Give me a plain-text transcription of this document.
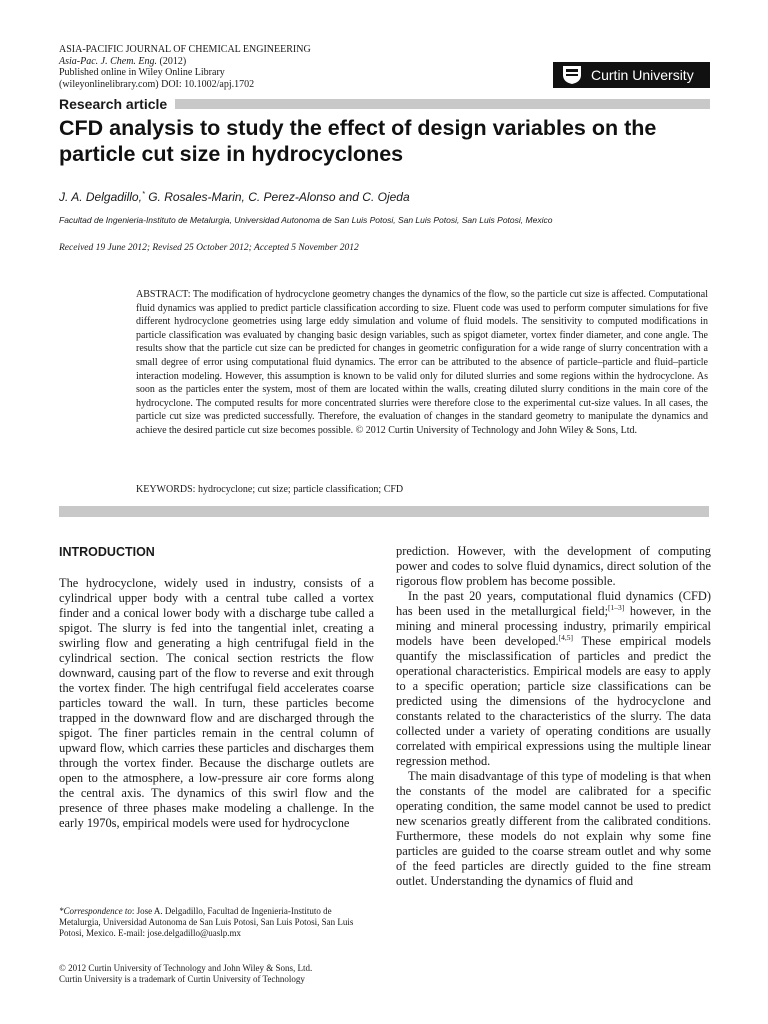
ASIA-PACIFIC JOURNAL OF CHEMICAL ENGINEERING
Asia-Pac. J. Chem. Eng. (2012)
Published online in Wiley Online Library
(wileyonlinelibrary.com) DOI: 10.1002/apj.1702
Curtin University
Research article
CFD analysis to study the effect of design variables on the particle cut size in hydrocyclones
J. A. Delgadillo,* G. Rosales-Marin, C. Perez-Alonso and C. Ojeda
Facultad de Ingenieria-Instituto de Metalurgia, Universidad Autonoma de San Luis Potosi, San Luis Potosi, San Luis Potosi, Mexico
Received 19 June 2012; Revised 25 October 2012; Accepted 5 November 2012

ABSTRACT: The modification of hydrocyclone geometry changes the dynamics of the flow, so the particle cut size is affected. Computational fluid dynamics was applied to predict particle classification according to size. Fluent code was used to perform computer simulations for five different hydrocyclone geometries using large eddy simulation and volume of fluid models. The sensitivity to computed modifications in particle classification was evaluated by changing basic design variables, such as spigot diameter, vortex finder diameter, and cone angle. The results show that the particle cut size can be predicted for changes in geometric configuration for a wide range of slurry concentration with a small degree of error using computational fluid dynamics. The error can be attributed to the absence of particle–particle and fluid–particle interaction modeling. However, this assumption is known to be valid only for diluted slurries and some regions within the hydrocyclone. As soon as the particles enter the system, most of them are located within the walls, creating diluted slurry conditions in the main core of the hydrocyclone. The computed results for more concentrated slurries were therefore close to the experimental cut-size values. In all cases, the particle cut size was predicted successfully. Therefore, the evaluation of changes in the standard geometry to manipulate the dynamics and achieve the desired particle cut size becomes possible. © 2012 Curtin University of Technology and John Wiley & Sons, Ltd.

KEYWORDS: hydrocyclone; cut size; particle classification; CFD
INTRODUCTION

The hydrocyclone, widely used in industry, consists of a cylindrical upper body with a central tube called a vortex finder and a conical lower body with a discharge tube called a spigot. The slurry is fed into the tangential inlet, creating a swirling flow and generating a high centrifugal field in the cylindrical section. The conical section restricts the flow downward, causing part of the flow to reverse and exit through the vortex finder. The high centrifugal field accelerates coarse particles toward the wall. In turn, these particles become trapped in the downward flow and are discharged through the spigot. The finer particles remain in the central column of upward flow, which carries these particles and discharges them through the vortex finder. Because the discharge outlets are open to the atmosphere, a low-pressure air core forms along the central axis. The dynamics of this swirl flow and the presence of three phases make modeling a challenge. In the early 1970s, empirical models were used for hydrocyclone

prediction. However, with the development of computing power and codes to solve fluid dynamics, direct solution of the rigorous flow problem has become possible.

In the past 20 years, computational fluid dynamics (CFD) has been used in the metallurgical field;[1–3] however, in the mining and mineral processing industry, primarily empirical models have been developed.[4,5] These empirical models quantify the misclassification of particles and predict the operational characteristics. Empirical models are easy to apply to a specific operation; particle size classifications can be predicted using the dimensions of the hydrocyclone and constants related to the characteristics of the slurry. The data collected under a variety of operating conditions are usually correlated with empirical expressions using the multiple linear regression method.

The main disadvantage of this type of modeling is that when the constants of the model are calibrated for a specific operating condition, the same model cannot be used to predict new scenarios greatly different from the calibrated conditions. Furthermore, these models do not explain why some fine particles are guided to the coarse stream outlet and why some of the feed particles are directly guided to the fine stream outlet. Understanding the dynamics of fluid and

*Correspondence to: Jose A. Delgadillo, Facultad de Ingenieria-Instituto de Metalurgia, Universidad Autonoma de San Luis Potosi, San Luis Potosi, San Luis Potosi, Mexico. E-mail: jose.delgadillo@uaslp.mx
© 2012 Curtin University of Technology and John Wiley & Sons, Ltd.
Curtin University is a trademark of Curtin University of Technology
